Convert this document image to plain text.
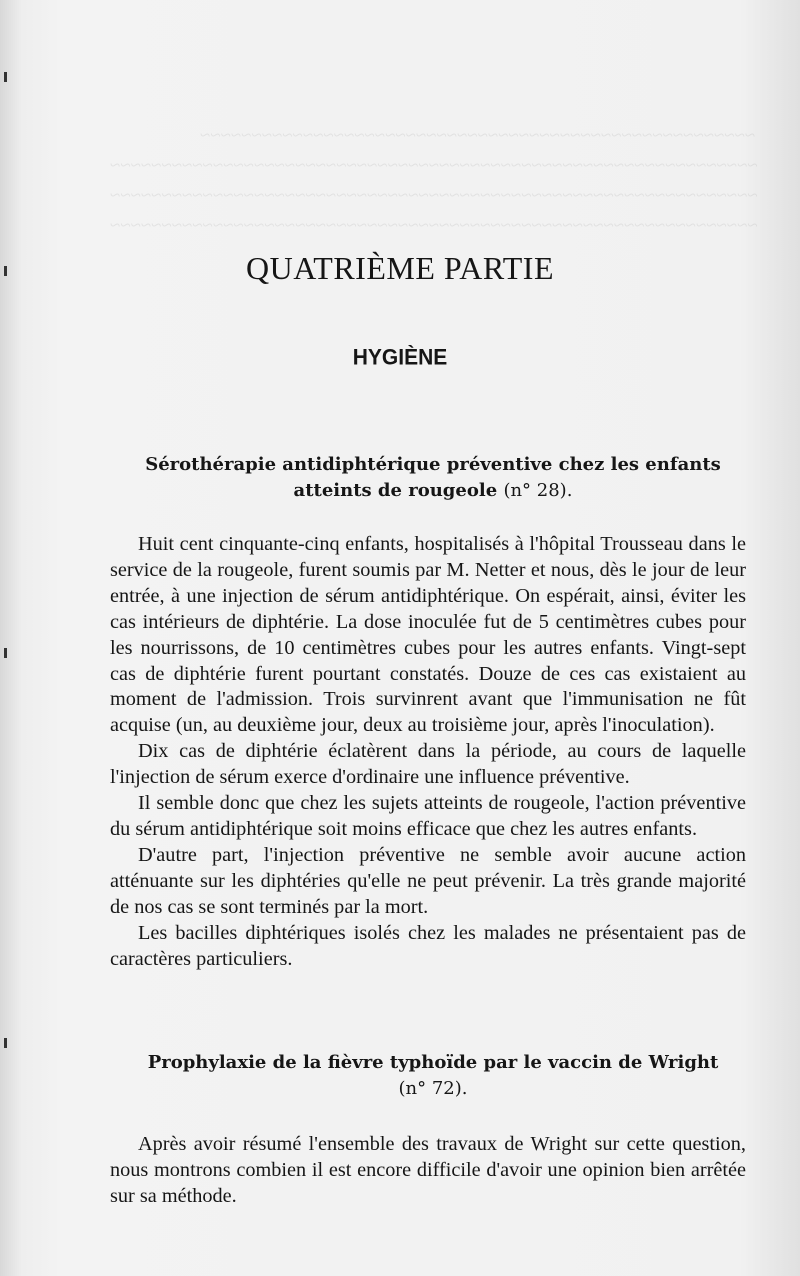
~~~~~~~~~~~~~~~~~~~~~~~~~~~~~~~~~~~~~~~~~~~~~~~~~~~~~~
~~~~~~~~~~~~~~~~~~~~~~~~~~~~~~~~~~~~~~~~~~~~~~~~~~~~~~~~~~~~~~~
~~~~~~~~~~~~~~~~~~~~~~~~~~~~~~~~~~~~~~~~~~~~~~~~~~~~~~~~~~~~~~~
~~~~~~~~~~~~~~~~~~~~~~~~~~~~~~~~~~~~~~~~~~~~~~~~~~~~~~~~~~~~~~~
QUATRIÈME PARTIE
HYGIÈNE
Sérothérapie antidiphtérique préventive chez les enfants
atteints de rougeole (n° 28).

Huit cent cinquante-cinq enfants, hospitalisés à l'hôpital Trousseau dans le service de la rougeole, furent soumis par M. Netter et nous, dès le jour de leur entrée, à une injection de sérum antidiphtérique. On espérait, ainsi, éviter les cas intérieurs de diphtérie. La dose inoculée fut de 5 centimètres cubes pour les nourrissons, de 10 centimètres cubes pour les autres enfants. Vingt-sept cas de diphtérie furent pourtant constatés. Douze de ces cas existaient au moment de l'admission. Trois survinrent avant que l'immunisation ne fût acquise (un, au deuxième jour, deux au troisième jour, après l'inoculation).

Dix cas de diphtérie éclatèrent dans la période, au cours de laquelle l'injection de sérum exerce d'ordinaire une influence préventive.

Il semble donc que chez les sujets atteints de rougeole, l'action préventive du sérum antidiphtérique soit moins efficace que chez les autres enfants.

D'autre part, l'injection préventive ne semble avoir aucune action atténuante sur les diphtéries qu'elle ne peut prévenir. La très grande majorité de nos cas se sont terminés par la mort.

Les bacilles diphtériques isolés chez les malades ne présentaient pas de caractères particuliers.

Prophylaxie de la fièvre typhoïde par le vaccin de Wright
(n° 72).

Après avoir résumé l'ensemble des travaux de Wright sur cette question, nous montrons combien il est encore difficile d'avoir une opinion bien arrêtée sur sa méthode.
